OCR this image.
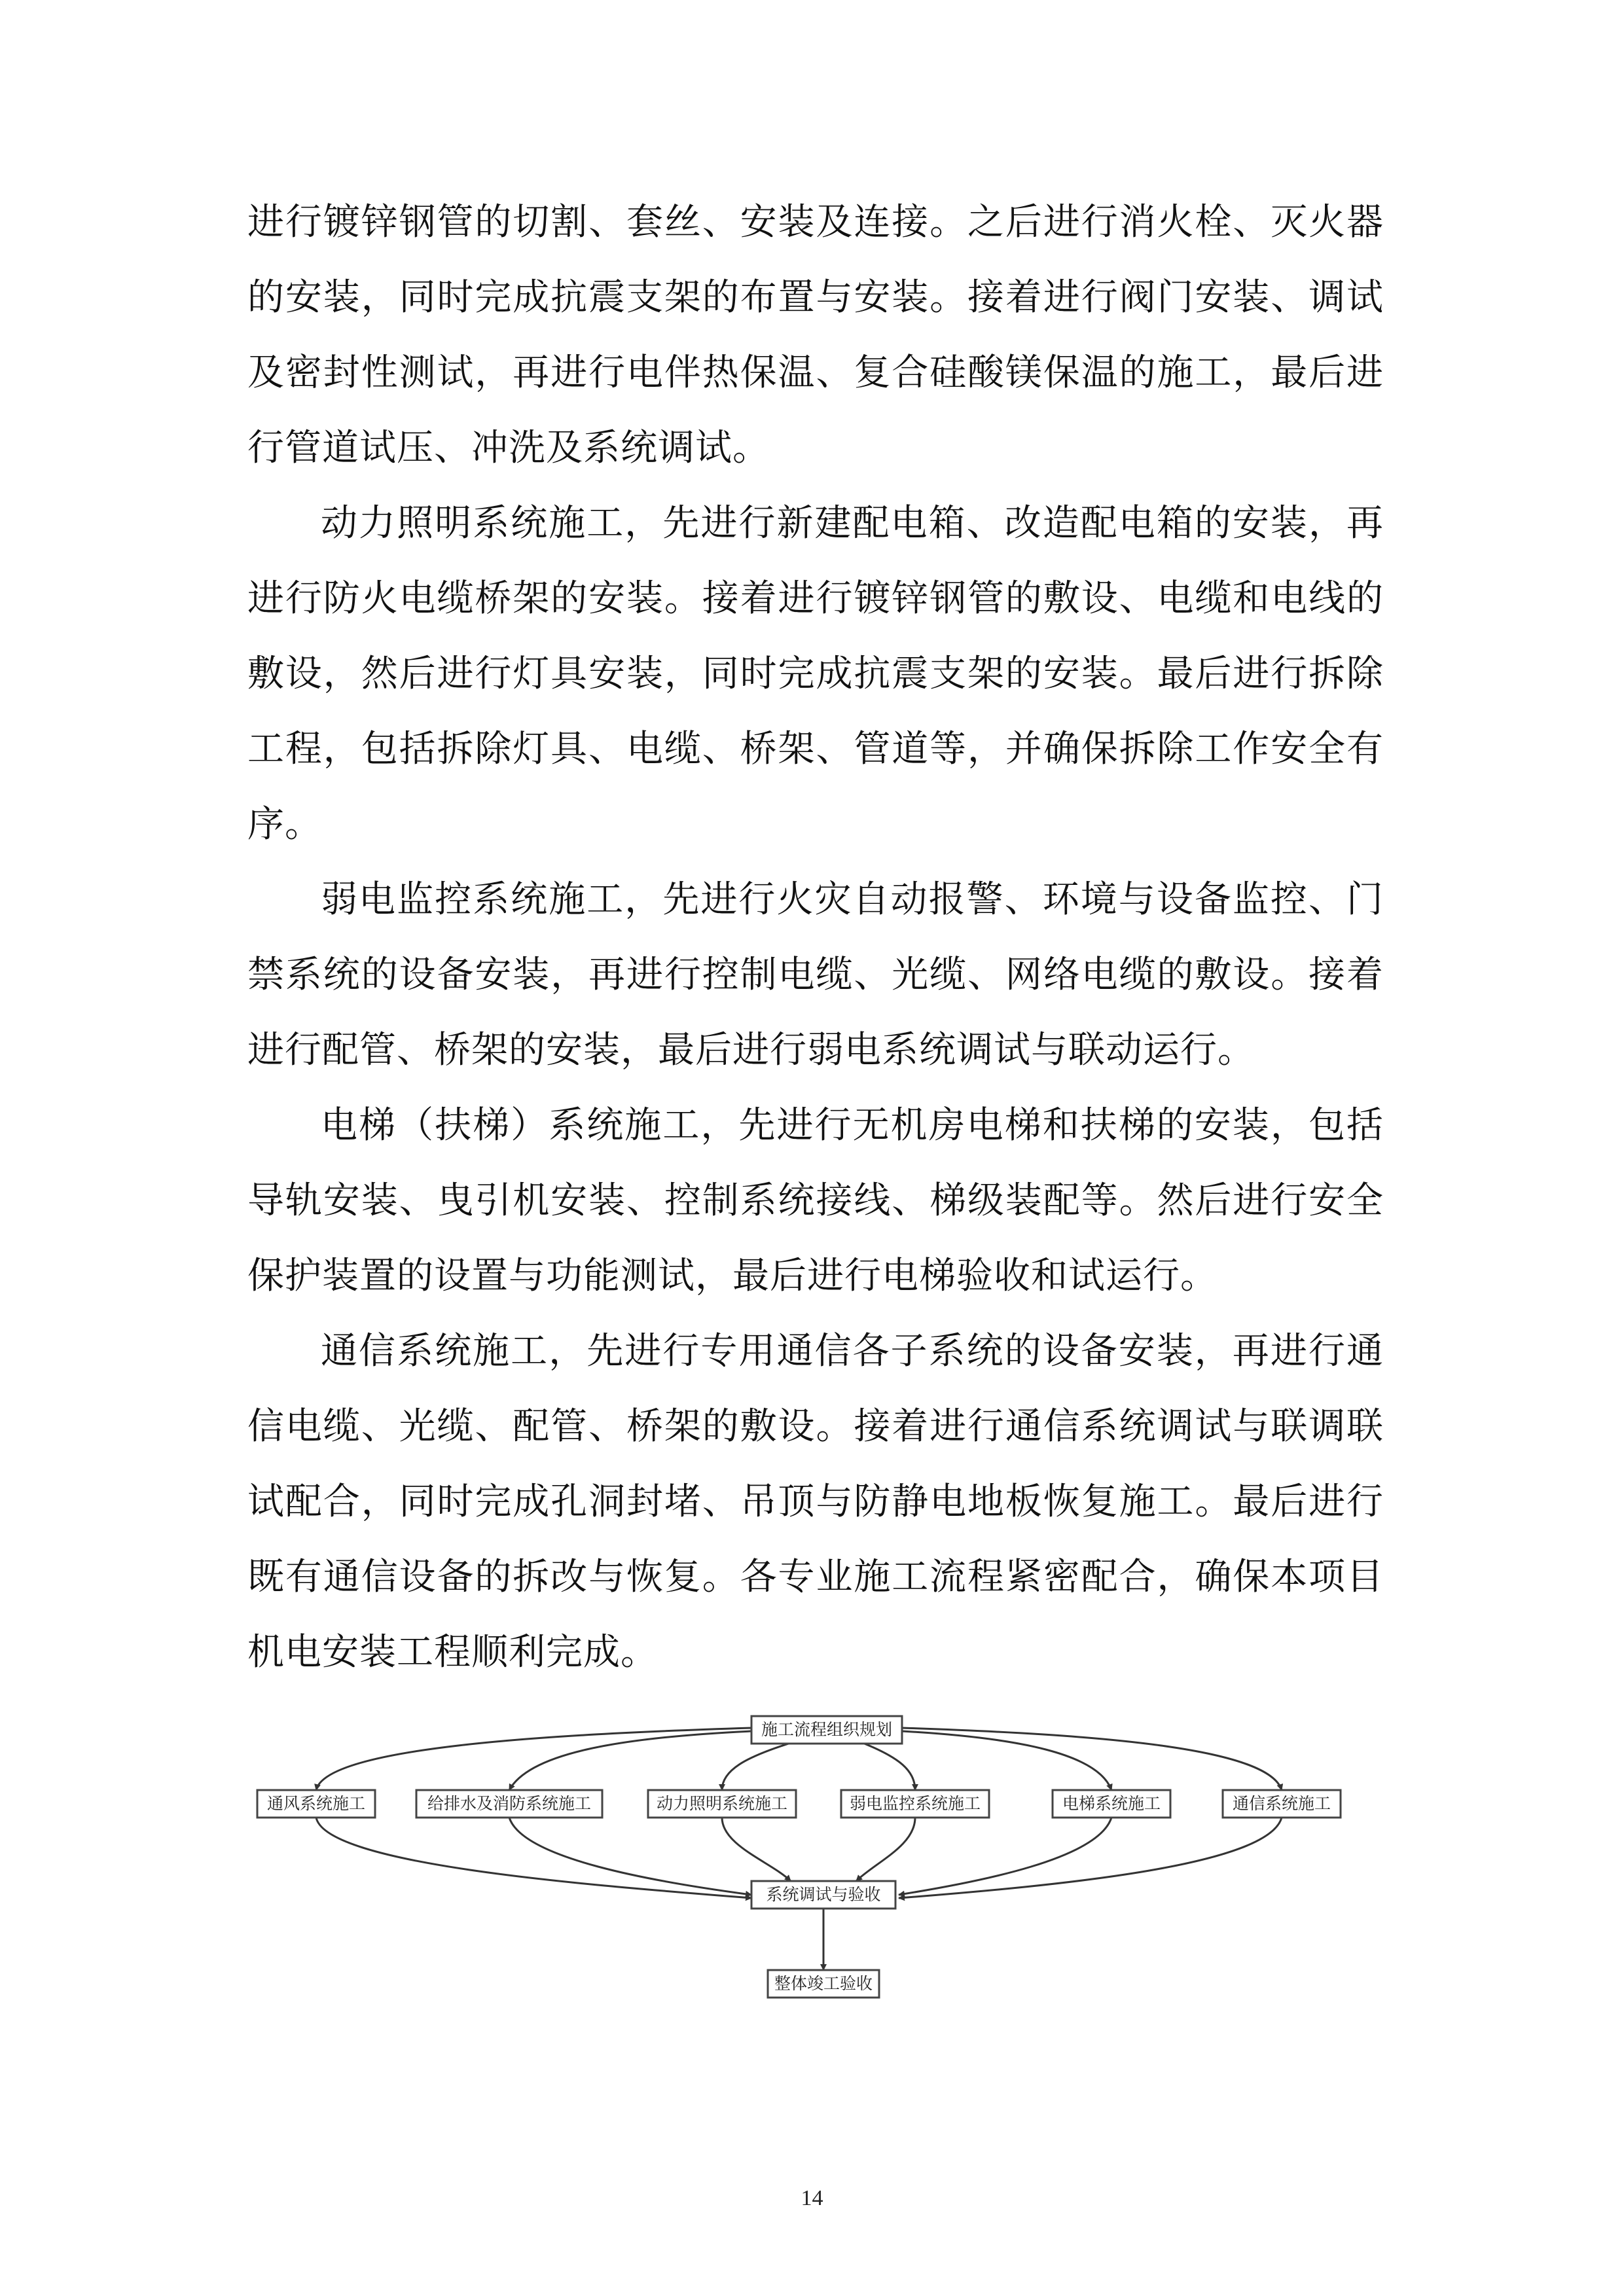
进行镀锌钢管的切割、套丝、安装及连接。之后进行消火栓、灭火器的安装，同时完成抗震支架的布置与安装。接着进行阀门安装、调试及密封性测试，再进行电伴热保温、复合硅酸镁保温的施工，最后进行管道试压、冲洗及系统调试。

动力照明系统施工，先进行新建配电箱、改造配电箱的安装，再进行防火电缆桥架的安装。接着进行镀锌钢管的敷设、电缆和电线的敷设，然后进行灯具安装，同时完成抗震支架的安装。最后进行拆除工程，包括拆除灯具、电缆、桥架、管道等，并确保拆除工作安全有序。

弱电监控系统施工，先进行火灾自动报警、环境与设备监控、门禁系统的设备安装，再进行控制电缆、光缆、网络电缆的敷设。接着进行配管、桥架的安装，最后进行弱电系统调试与联动运行。

电梯（扶梯）系统施工，先进行无机房电梯和扶梯的安装，包括导轨安装、曳引机安装、控制系统接线、梯级装配等。然后进行安全保护装置的设置与功能测试，最后进行电梯验收和试运行。

通信系统施工，先进行专用通信各子系统的设备安装，再进行通信电缆、光缆、配管、桥架的敷设。接着进行通信系统调试与联调联试配合，同时完成孔洞封堵、吊顶与防静电地板恢复施工。最后进行既有通信设备的拆改与恢复。各专业施工流程紧密配合，确保本项目机电安装工程顺利完成。

施工流程组织规划
通风系统施工	给排水及消防系统施工	动力照明系统施工	弱电监控系统施工	电梯系统施工	通信系统施工
系统调试与验收
整体竣工验收
14
